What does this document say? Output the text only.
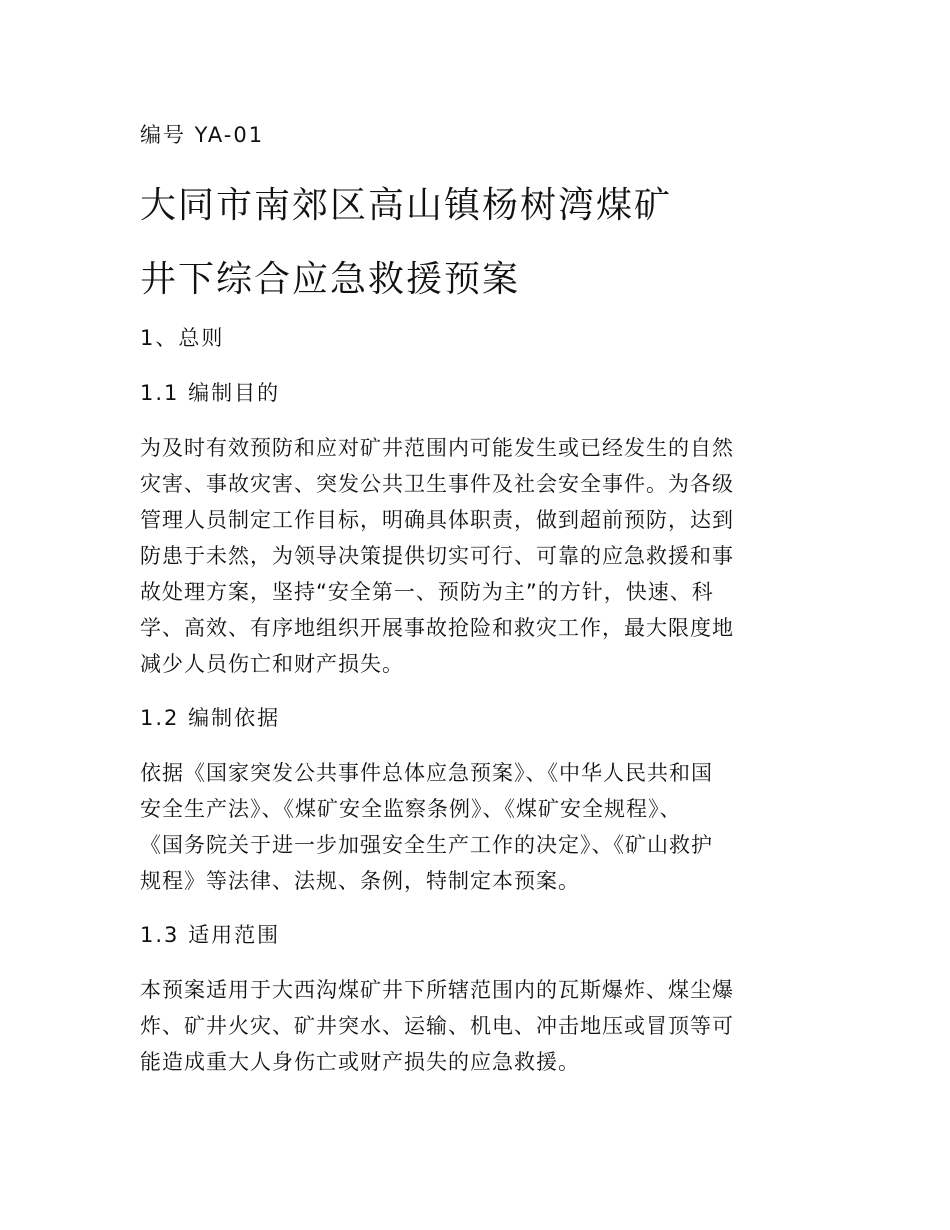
编号 YA-01

大同市南郊区高山镇杨树湾煤矿
井下综合应急救援预案
1、总则
1.1 编制目的
为及时有效预防和应对矿井范围内可能发生或已经发生的自然
灾害、事故灾害、突发公共卫生事件及社会安全事件。为各级
管理人员制定工作目标，明确具体职责，做到超前预防，达到
防患于未然，为领导决策提供切实可行、可靠的应急救援和事
故处理方案，坚持“安全第一、预防为主”的方针，快速、科
学、高效、有序地组织开展事故抢险和救灾工作，最大限度地
减少人员伤亡和财产损失。
1.2 编制依据
依据《国家突发公共事件总体应急预案》、《中华人民共和国
安全生产法》、《煤矿安全监察条例》、《煤矿安全规程》、
《国务院关于进一步加强安全生产工作的决定》、《矿山救护
规程》等法律、法规、条例，特制定本预案。
1.3 适用范围
本预案适用于大西沟煤矿井下所辖范围内的瓦斯爆炸、煤尘爆
炸、矿井火灾、矿井突水、运输、机电、冲击地压或冒顶等可
能造成重大人身伤亡或财产损失的应急救援。
